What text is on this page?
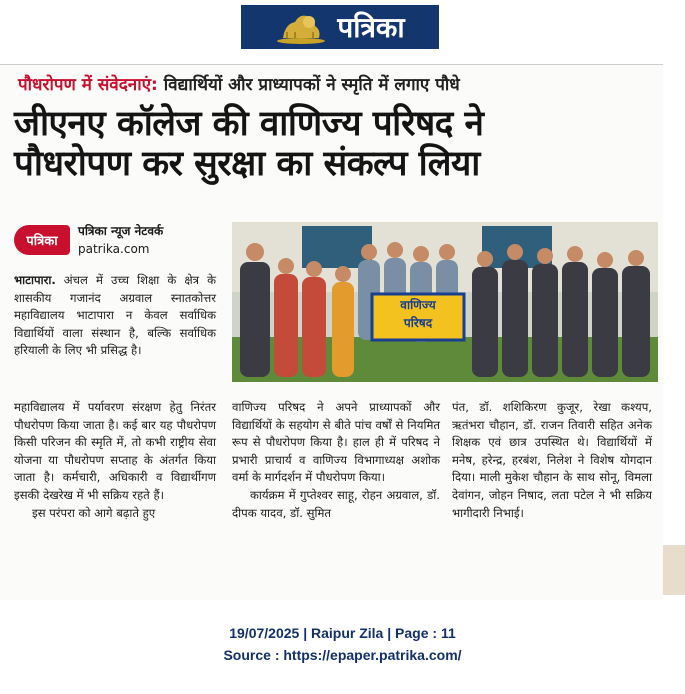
पत्रिका
पौधरोपण में संवेदनाएं: विद्यार्थियों और प्राध्यापकों ने स्मृति में लगाए पौधे
जीएनए कॉलेज की वाणिज्य परिषद ने
पौधरोपण कर सुरक्षा का संकल्प लिया
पत्रिका
पत्रिका न्यूज नेटवर्क
patrika.com
वाणिज्य
परिषद

भाटापारा. अंचल में उच्च शिक्षा के क्षेत्र के शासकीय गजानंद अग्रवाल स्नातकोत्तर महाविद्यालय भाटापारा न केवल सर्वाधिक विद्यार्थियों वाला संस्थान है, बल्कि सर्वाधिक हरियाली के लिए भी प्रसिद्ध है।

महाविद्यालय में पर्यावरण संरक्षण हेतु निरंतर पौधरोपण किया जाता है। कई बार यह पौधरोपण किसी परिजन की स्मृति में, तो कभी राष्ट्रीय सेवा योजना या पौधरोपण सप्ताह के अंतर्गत किया जाता है। कर्मचारी, अधिकारी व विद्यार्थीगण इसकी देखरेख में भी सक्रिय रहते हैं।

इस परंपरा को आगे बढ़ाते हुए

वाणिज्य परिषद ने अपने प्राध्यापकों और विद्यार्थियों के सहयोग से बीते पांच वर्षों से नियमित रूप से पौधरोपण किया है। हाल ही में परिषद ने प्रभारी प्राचार्य व वाणिज्य विभागाध्यक्ष अशोक वर्मा के मार्गदर्शन में पौधरोपण किया।

कार्यक्रम में गुप्तेश्वर साहू, रोहन अग्रवाल, डॉ. दीपक यादव, डॉ. सुमित

पंत, डॉ. शशिकिरण कुजूर, रेखा कश्यप, ऋतंभरा चौहान, डॉ. राजन तिवारी सहित अनेक शिक्षक एवं छात्र उपस्थित थे। विद्यार्थियों में मनेष, हरेन्द्र, हरबंश, निलेश ने विशेष योगदान दिया। माली मुकेश चौहान के साथ सोनू, विमला देवांगन, जोहन निषाद, लता पटेल ने भी सक्रिय भागीदारी निभाई।

19/07/2025 | Raipur Zila | Page : 11
Source : https://epaper.patrika.com/
